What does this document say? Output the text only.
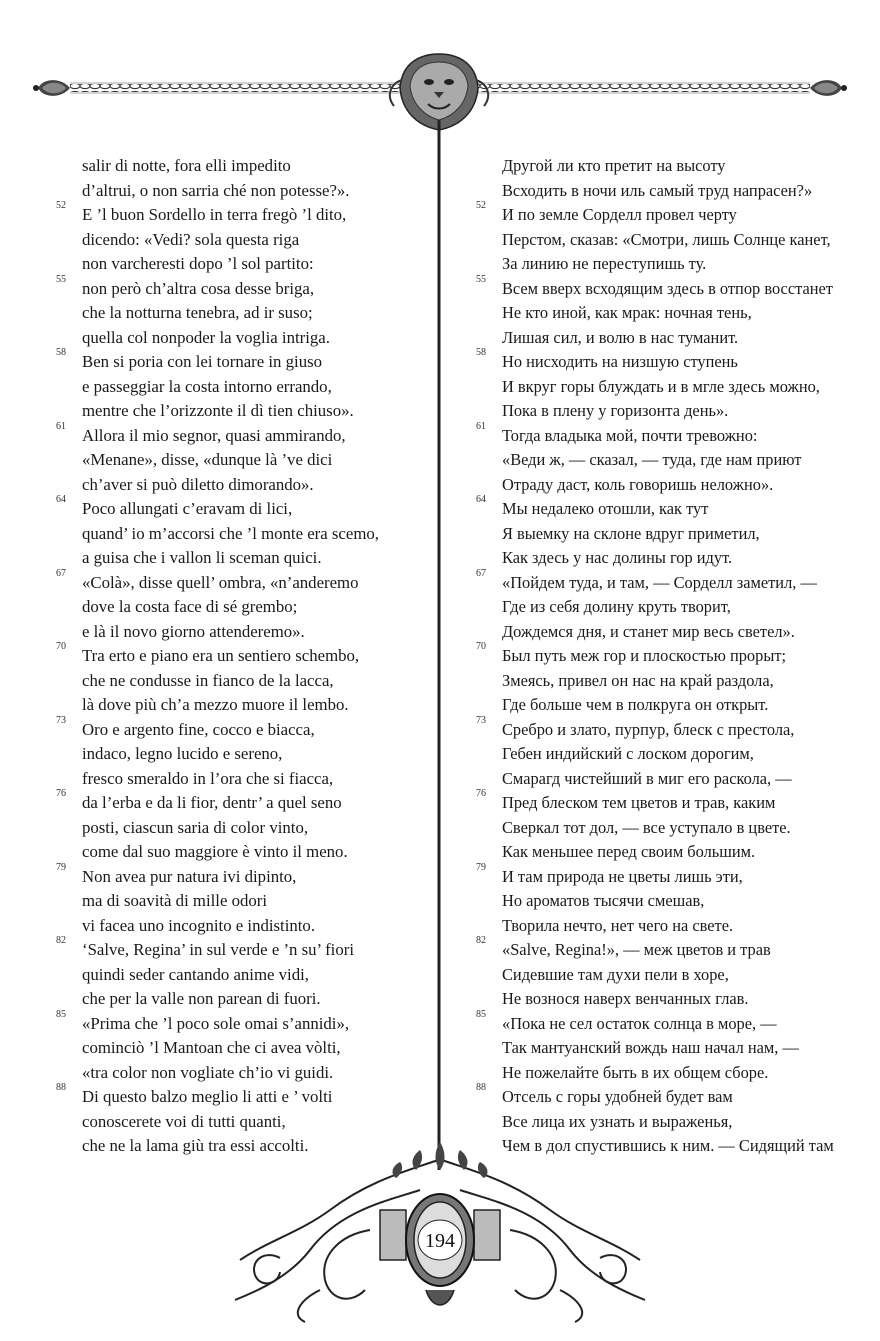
salir di notte, fora elli impedito
d’altrui, o non sarria ché non potesse?».
52 E ’l buon Sordello in terra fregò ’l dito,
dicendo: «Vedi? sola questa riga
non varcheresti dopo ’l sol partito:
55 non però ch’altra cosa desse briga,
che la notturna tenebra, ad ir suso;
quella col nonpoder la voglia intriga.
58 Ben si poria con lei tornare in giuso
e passeggiar la costa intorno errando,
mentre che l’orizzonte il dì tien chiuso».
61 Allora il mio segnor, quasi ammirando,
«Menane», disse, «dunque là ’ve dici
ch’aver si può diletto dimorando».
64 Poco allungati c’eravam di lici,
quand’ io m’accorsi che ’l monte era scemo,
a guisa che i vallon li sceman quici.
67 «Colà», disse quell’ ombra, «n’anderemo
dove la costa face di sé grembo;
e là il novo giorno attenderemo».
70 Tra erto e piano era un sentiero schembo,
che ne condusse in fianco de la lacca,
là dove più ch’a mezzo muore il lembo.
73 Oro e argento fine, cocco e biacca,
indaco, legno lucido e sereno,
fresco smeraldo in l’ora che si fiacca,
76 da l’erba e da li fior, dentr’ a quel seno
posti, ciascun saria di color vinto,
come dal suo maggiore è vinto il meno.
79 Non avea pur natura ivi dipinto,
ma di soavità di mille odori
vi facea uno incognito e indistinto.
82 ‘Salve, Regina’ in sul verde e ’n su’ fiori
quindi seder cantando anime vidi,
che per la valle non parean di fuori.
85 «Prima che ’l poco sole omai s’annidi»,
cominciò ’l Mantoan che ci avea vòlti,
«tra color non vogliate ch’io vi guidi.
88 Di questo balzo meglio li atti e ’ volti
conoscerete voi di tutti quanti,
che ne la lama giù tra essi accolti.
Другой ли кто претит на высоту
Всходить в ночи иль самый труд напрасен?»
52 И по земле Сорделл провел черту
Перстом, сказав: «Смотри, лишь Солнце канет,
За линию не переступишь ту.
55 Всем вверх всходящим здесь в отпор восстанет
Не кто иной, как мрак: ночная тень,
Лишая сил, и волю в нас туманит.
58 Но нисходить на низшую ступень
И вкруг горы блуждать и в мгле здесь можно,
Пока в плену у горизонта день».
61 Тогда владыка мой, почти тревожно:
«Веди ж, — сказал, — туда, где нам приют
Отраду даст, коль говоришь неложно».
64 Мы недалеко отошли, как тут
Я выемку на склоне вдруг приметил,
Как здесь у нас долины гор идут.
67 «Пойдем туда, и там, — Сорделл заметил, —
Где из себя долину круть творит,
Дождемся дня, и станет мир весь светел».
70 Был путь меж гор и плоскостью прорыт;
Змеясь, привел он нас на край раздола,
Где больше чем в полкруга он открыт.
73 Сребро и злато, пурпур, блеск с престола,
Гебен индийский с лоском дорогим,
Смарагд чистейший в миг его раскола, —
76 Пред блеском тем цветов и трав, каким
Сверкал тот дол, — все уступало в цвете.
Как меньшее перед своим большим.
79 И там природа не цветы лишь эти,
Но ароматов тысячи смешав,
Творила нечто, нет чего на свете.
82 «Salve, Regina!», — меж цветов и трав
Сидевшие там духи пели в хоре,
Не вознося наверх венчанных глав.
85 «Пока не сел остаток солнца в море, —
Так мантуанский вождь наш начал нам, —
Не пожелайте быть в их общем сборе.
88 Отсель с горы удобней будет вам
Все лица их узнать и выраженья,
Чем в дол спустившись к ним. — Сидящий там
194
